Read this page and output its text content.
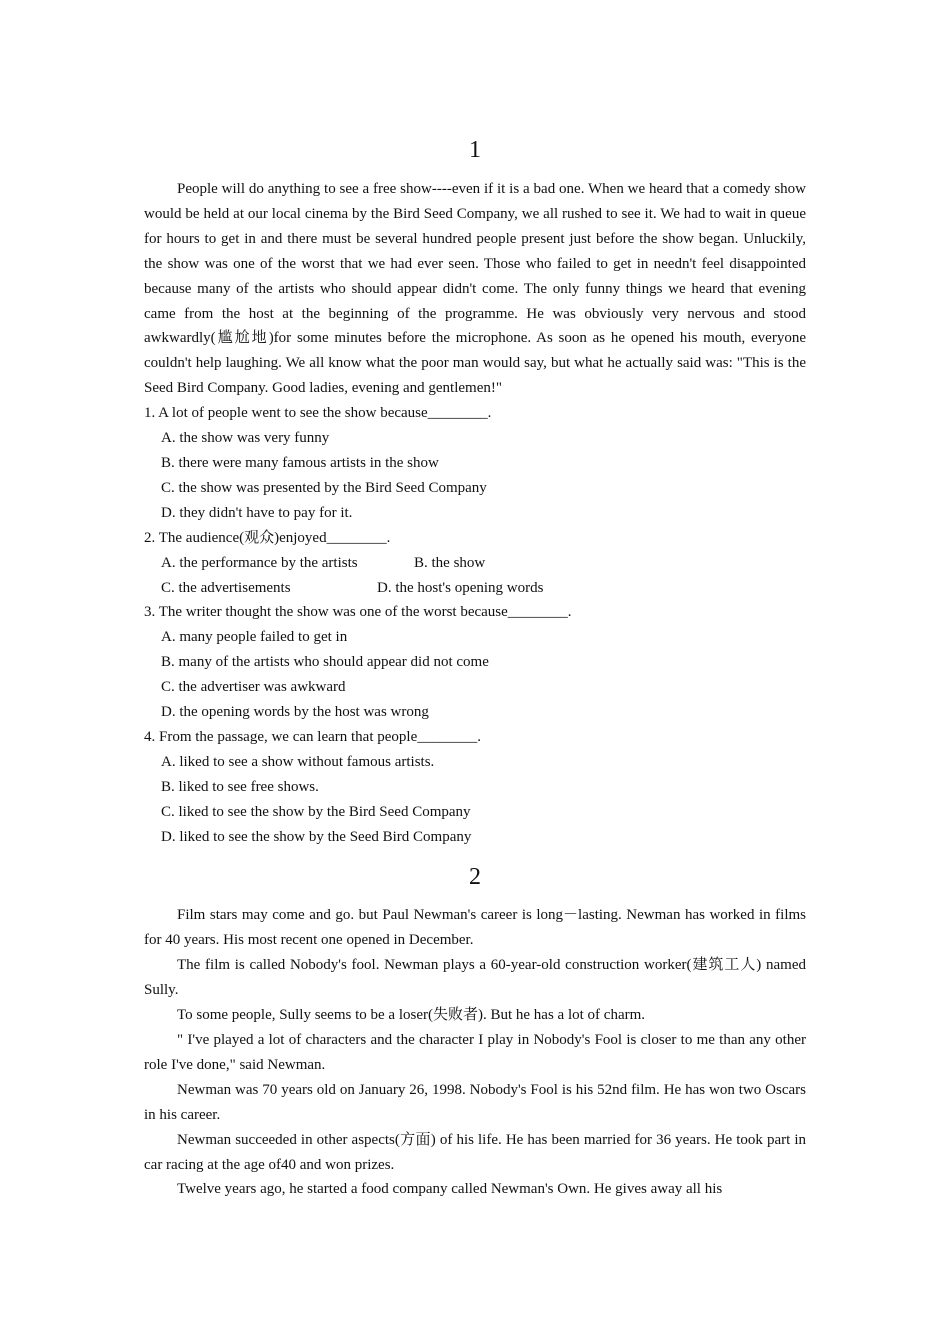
1

People will do anything to see a free show----even if it is a bad one. When we heard that a comedy show would be held at our local cinema by the Bird Seed Company, we all rushed to see it. We had to wait in queue for hours to get in and there must be several hundred people present just before the show began. Unluckily, the show was one of the worst that we had ever seen. Those who failed to get in needn't feel disappointed because many of the artists who should appear didn't come. The only funny things we heard that evening came from the host at the beginning of the programme. He was obviously very nervous and stood awkwardly(尴尬地)for some minutes before the microphone. As soon as he opened his mouth, everyone couldn't help laughing. We all know what the poor man would say, but what he actually said was: "This is the Seed Bird Company. Good ladies, evening and gentlemen!"

1. A lot of people went to see the show because________.

A. the show was very funny

B. there were many famous artists in the show

C. the show was presented by the Bird Seed Company

D. they didn't have to pay for it.

2. The audience(观众)enjoyed________.

A. the performance by the artists	B. the show
C. the advertisements	D. the host's opening words

3. The writer thought the show was one of the worst because________.

A. many people failed to get in

B. many of the artists who should appear did not come

C. the advertiser was awkward

D. the opening words by the host was wrong

4. From the passage, we can learn that people________.

A. liked to see a show without famous artists.

B. liked to see free shows.

C. liked to see the show by the Bird Seed Company

D. liked to see the show by the Seed Bird Company

2

Film stars may come and go. but Paul Newman's career is long－lasting. Newman has worked in films for 40 years. His most recent one opened in December.

The film is called Nobody's fool. Newman plays a 60-year-old construction worker(建筑工人) named Sully.

To some people, Sully seems to be a loser(失败者). But he has a lot of charm.

" I've played a lot of characters and the character I play in Nobody's Fool is closer to me than any other role I've done," said Newman.

Newman was 70 years old on January 26, 1998. Nobody's Fool is his 52nd film. He has won two Oscars in his career.

Newman succeeded in other aspects(方面) of his life. He has been married for 36 years. He took part in car racing at the age of40 and won prizes.

Twelve years ago, he started a food company called Newman's Own. He gives away all his
